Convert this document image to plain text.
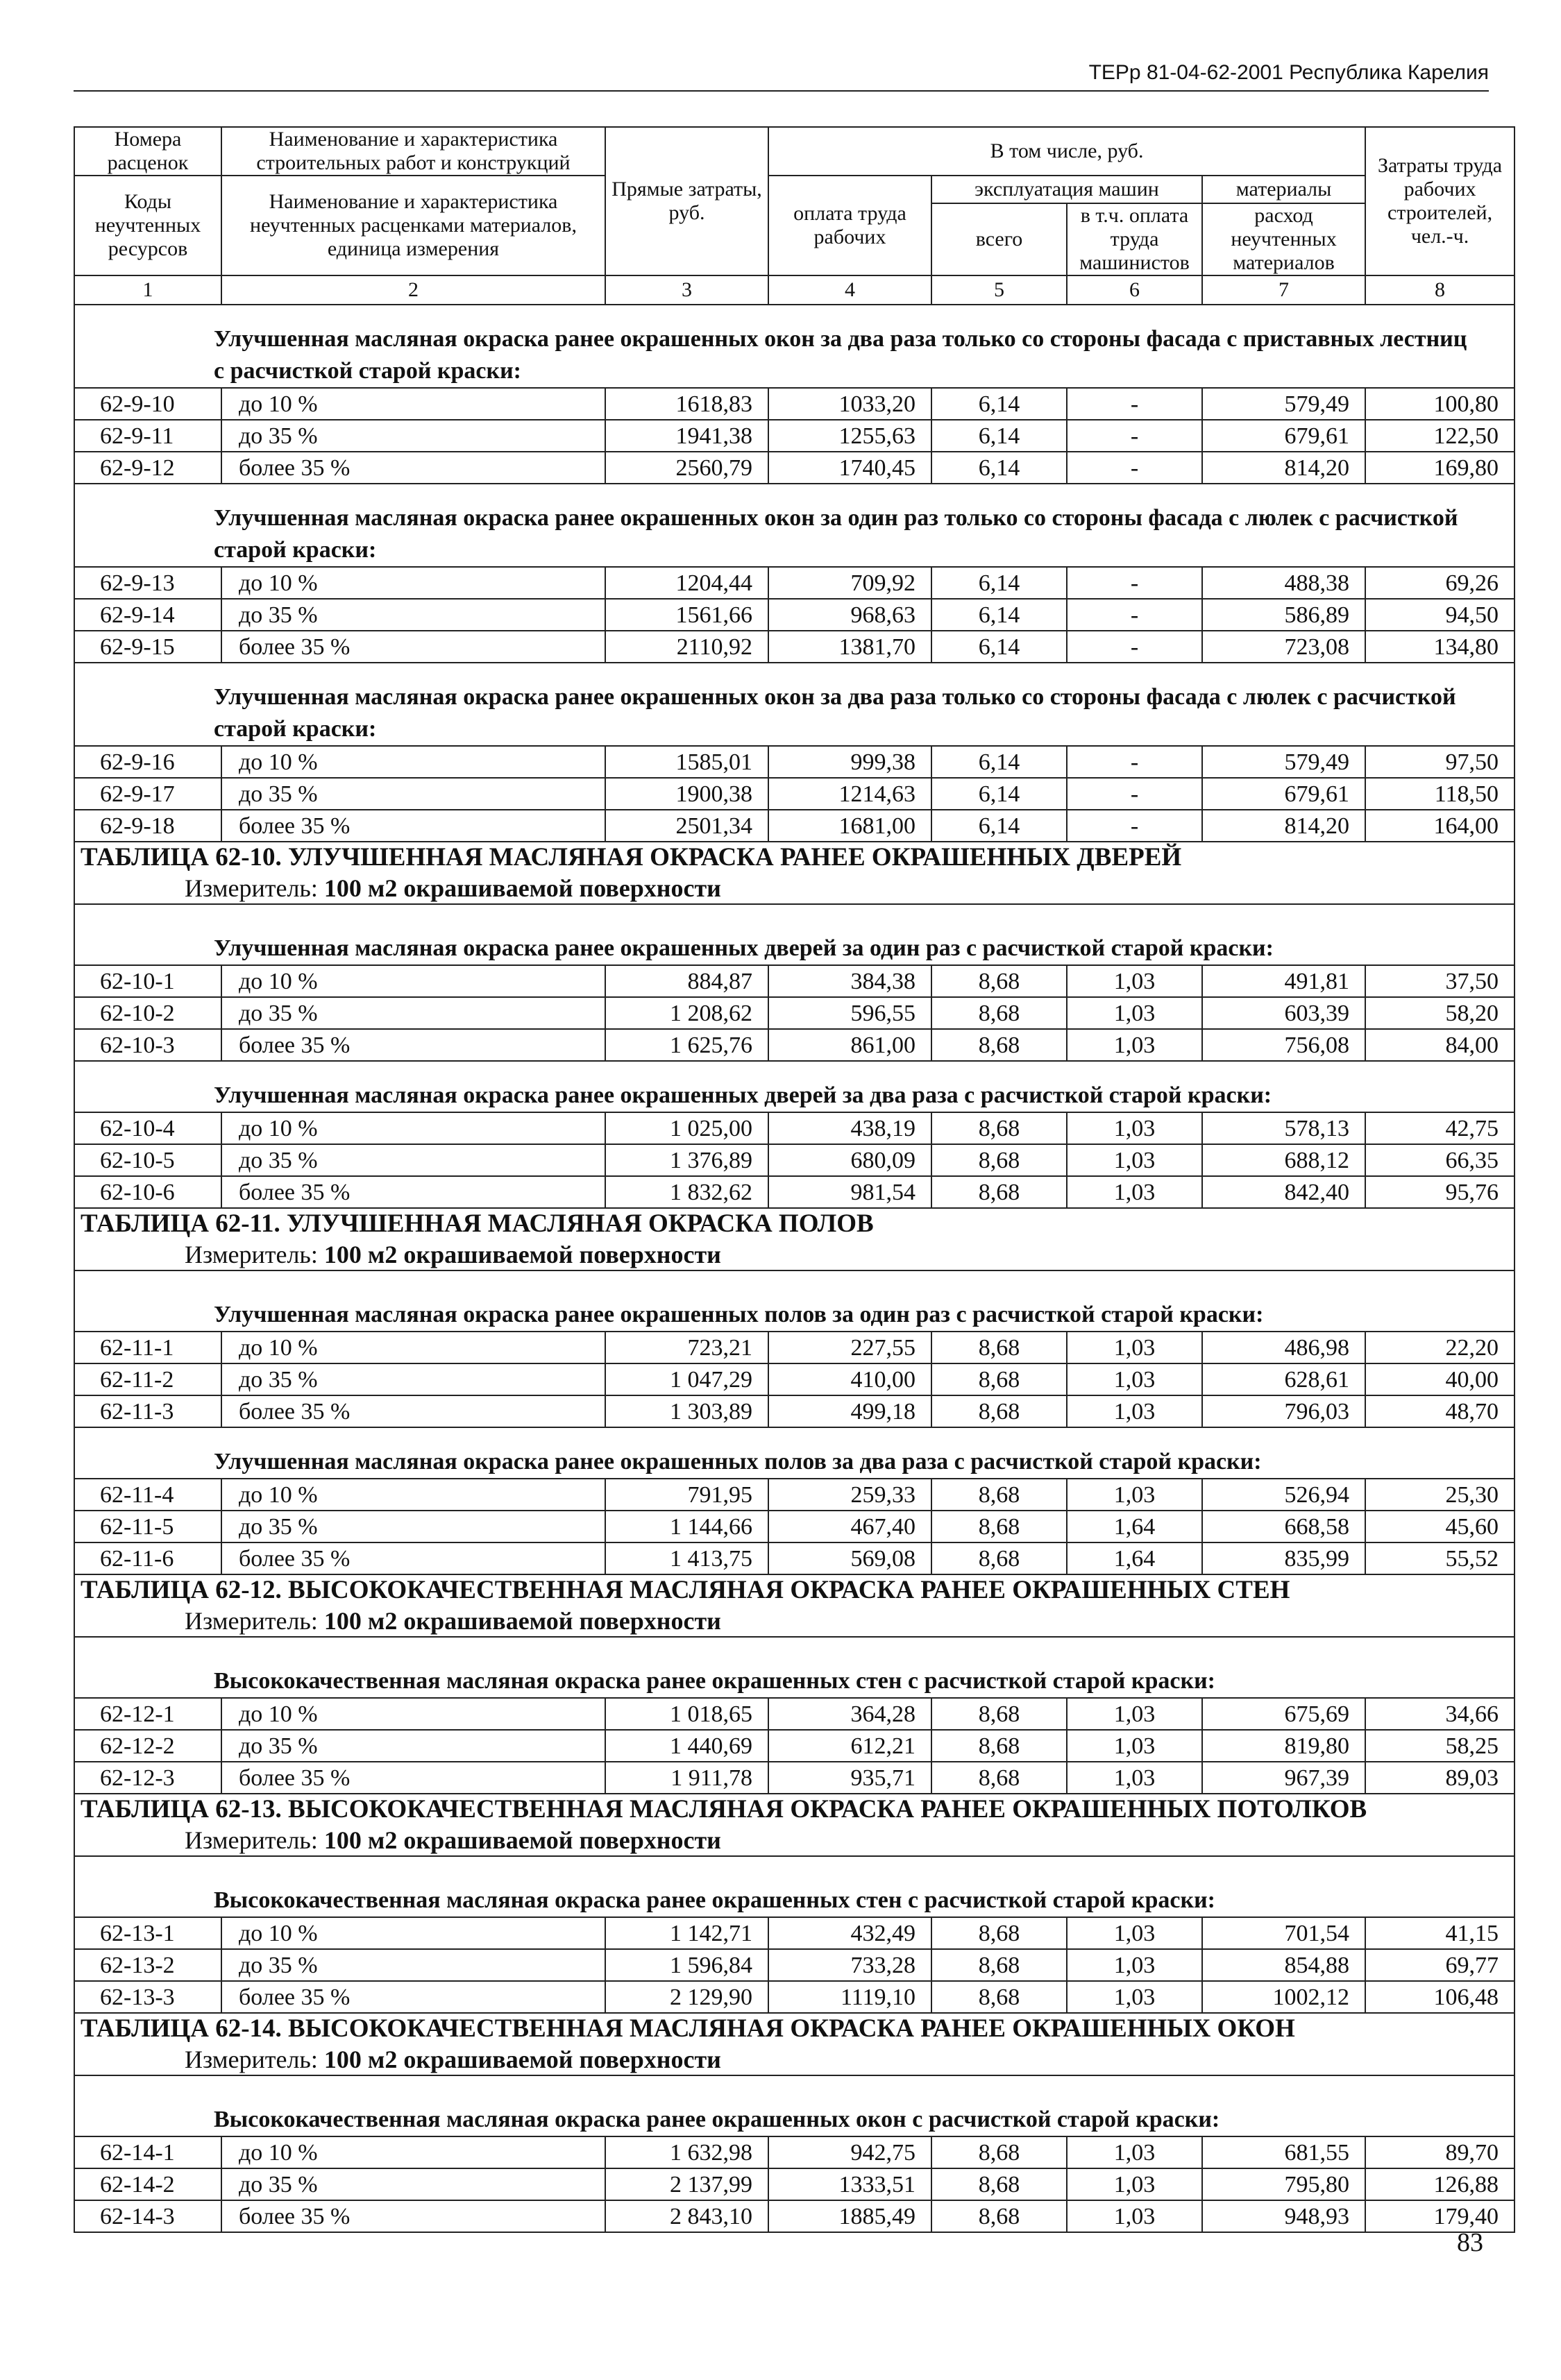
ТЕРр 81-04-62-2001 Республика Карелия
Номера расценок	Наименование и характеристика строительных работ и конструкций	Прямые затраты, руб.	В том числе, руб.				Затраты труда рабочих строителей, чел.-ч.
Коды неучтенных ресурсов	Наименование и характеристика неучтенных расценками материалов, единица измерения		оплата труда рабочих	эксплуатация машин		материалы	
				всего	в т.ч. оплата труда машинистов	расход неучтенных материалов	
1	2	3	4	5	6	7	8
Улучшенная масляная окраска ранее окрашенных окон за два раза только со стороны фасада с приставных лестниц с расчисткой старой краски:							
62-9-10	до 10 %	1618,83	1033,20	6,14	-	579,49	100,80
62-9-11	до 35 %	1941,38	1255,63	6,14	-	679,61	122,50
62-9-12	более 35 %	2560,79	1740,45	6,14	-	814,20	169,80
Улучшенная масляная окраска ранее окрашенных окон за один раз только со стороны фасада с люлек с расчисткой старой краски:							
62-9-13	до 10 %	1204,44	709,92	6,14	-	488,38	69,26
62-9-14	до 35 %	1561,66	968,63	6,14	-	586,89	94,50
62-9-15	более 35 %	2110,92	1381,70	6,14	-	723,08	134,80
Улучшенная масляная окраска ранее окрашенных окон за два раза только со стороны фасада с люлек с расчисткой старой краски:							
62-9-16	до 10 %	1585,01	999,38	6,14	-	579,49	97,50
62-9-17	до 35 %	1900,38	1214,63	6,14	-	679,61	118,50
62-9-18	более 35 %	2501,34	1681,00	6,14	-	814,20	164,00

ТАБЛИЦА 62-10. УЛУЧШЕННАЯ МАСЛЯНАЯ ОКРАСКА РАНЕЕ ОКРАШЕННЫХ ДВЕРЕЙ
Измеритель: 100 м2 окрашиваемой поверхности							

Улучшенная масляная окраска ранее окрашенных дверей за один раз с расчисткой старой краски:							
62-10-1	до 10 %	884,87	384,38	8,68	1,03	491,81	37,50
62-10-2	до 35 %	1 208,62	596,55	8,68	1,03	603,39	58,20
62-10-3	более 35 %	1 625,76	861,00	8,68	1,03	756,08	84,00
Улучшенная масляная окраска ранее окрашенных дверей за два раза с расчисткой старой краски:							
62-10-4	до 10 %	1 025,00	438,19	8,68	1,03	578,13	42,75
62-10-5	до 35 %	1 376,89	680,09	8,68	1,03	688,12	66,35
62-10-6	более 35 %	1 832,62	981,54	8,68	1,03	842,40	95,76

ТАБЛИЦА 62-11. УЛУЧШЕННАЯ МАСЛЯНАЯ ОКРАСКА ПОЛОВ
Измеритель: 100 м2 окрашиваемой поверхности							

Улучшенная масляная окраска ранее окрашенных полов за один раз с расчисткой старой краски:							
62-11-1	до 10 %	723,21	227,55	8,68	1,03	486,98	22,20
62-11-2	до 35 %	1 047,29	410,00	8,68	1,03	628,61	40,00
62-11-3	более 35 %	1 303,89	499,18	8,68	1,03	796,03	48,70
Улучшенная масляная окраска ранее окрашенных полов за два раза с расчисткой старой краски:							
62-11-4	до 10 %	791,95	259,33	8,68	1,03	526,94	25,30
62-11-5	до 35 %	1 144,66	467,40	8,68	1,64	668,58	45,60
62-11-6	более 35 %	1 413,75	569,08	8,68	1,64	835,99	55,52

ТАБЛИЦА 62-12. ВЫСОКОКАЧЕСТВЕННАЯ МАСЛЯНАЯ ОКРАСКА РАНЕЕ ОКРАШЕННЫХ СТЕН
Измеритель: 100 м2 окрашиваемой поверхности							

Высококачественная масляная окраска ранее окрашенных стен с расчисткой старой краски:							
62-12-1	до 10 %	1 018,65	364,28	8,68	1,03	675,69	34,66
62-12-2	до 35 %	1 440,69	612,21	8,68	1,03	819,80	58,25
62-12-3	более 35 %	1 911,78	935,71	8,68	1,03	967,39	89,03

ТАБЛИЦА 62-13. ВЫСОКОКАЧЕСТВЕННАЯ МАСЛЯНАЯ ОКРАСКА РАНЕЕ ОКРАШЕННЫХ ПОТОЛКОВ
Измеритель: 100 м2 окрашиваемой поверхности							

Высококачественная масляная окраска ранее окрашенных стен с расчисткой старой краски:							
62-13-1	до 10 %	1 142,71	432,49	8,68	1,03	701,54	41,15
62-13-2	до 35 %	1 596,84	733,28	8,68	1,03	854,88	69,77
62-13-3	более 35 %	2 129,90	1119,10	8,68	1,03	1002,12	106,48

ТАБЛИЦА 62-14. ВЫСОКОКАЧЕСТВЕННАЯ МАСЛЯНАЯ ОКРАСКА РАНЕЕ ОКРАШЕННЫХ ОКОН
Измеритель: 100 м2 окрашиваемой поверхности							

Высококачественная масляная окраска ранее окрашенных окон с расчисткой старой краски:							
62-14-1	до 10 %	1 632,98	942,75	8,68	1,03	681,55	89,70
62-14-2	до 35 %	2 137,99	1333,51	8,68	1,03	795,80	126,88
62-14-3	более 35 %	2 843,10	1885,49	8,68	1,03	948,93	179,40
83
